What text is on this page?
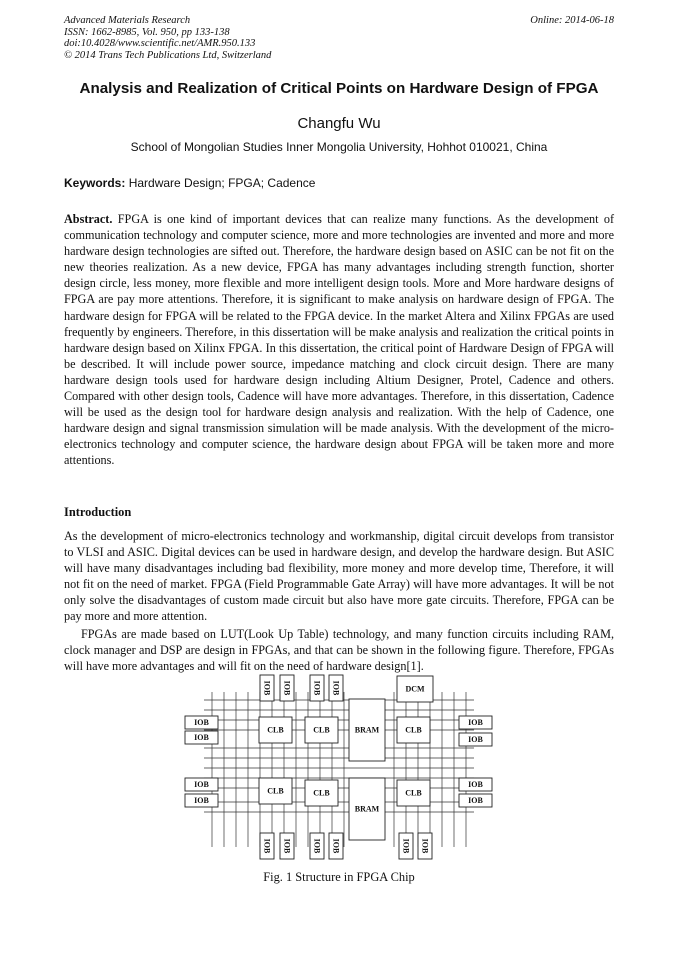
Advanced Materials Research
ISSN: 1662-8985, Vol. 950, pp 133-138
doi:10.4028/www.scientific.net/AMR.950.133
© 2014 Trans Tech Publications Ltd, Switzerland
Online: 2014-06-18
Analysis and Realization of Critical Points on Hardware Design of FPGA
Changfu Wu
School of Mongolian Studies Inner Mongolia University, Hohhot 010021, China
Keywords: Hardware Design; FPGA; Cadence

Abstract. FPGA is one kind of important devices that can realize many functions. As the development of communication technology and computer science, more and more technologies are invented and more and more hardware design technologies are sifted out. Therefore, the hardware design based on ASIC can be not fit on the new theories realization. As a new device, FPGA has many advantages including strength function, shorter design circle, less money, more flexible and more intelligent design tools. More and More hardware designs of FPGA are pay more attentions. Therefore, it is significant to make analysis on hardware design of FPGA. The hardware design for FPGA will be related to the FPGA device. In the market Altera and Xilinx FPGAs are used frequently by engineers. Therefore, in this dissertation will be make analysis and realization the critical points in hardware design based on Xilinx FPGA. In this dissertation, the critical point of Hardware Design of FPGA will be described. It will include power source, impedance matching and clock circuit design. There are many hardware design tools used for hardware design including Altium Designer, Protel, Cadence and others. Compared with other design tools, Cadence will have more advantages. Therefore, in this dissertation, Cadence will be used as the design tool for hardware design analysis and realization. With the help of Cadence, one hardware design and signal transmission simulation will be made analysis. With the development of the micro-electronics technology and computer science, the hardware design about FPGA will be taken more and more attentions.

Introduction

As the development of micro-electronics technology and workmanship, digital circuit develops from transistor to VLSI and ASIC. Digital devices can be used in hardware design, and develop the hardware design. But ASIC will have many disadvantages including bad flexibility, more money and more develop time, Therefore, it will not fit on the need of market. FPGA (Field Programmable Gate Array) will have more advantages. It will be not only solve the disadvantages of custom made circuit but also have more gate circuits. Therefore, FPGA can be pay more and more attention.

FPGAs are made based on LUT(Look Up Table) technology, and many function circuits including RAM, clock manager and DSP are design in FPGAs, and that can be shown in the following figure. Therefore, FPGAs will have more advantages and will fit on the need of hardware design[1].

IOB
IOB
IOB
IOB
IOB
IOB
IOB
IOB
IOB IOB	IOB IOB
IOB IOB	IOB IOB	IOB IOB
CLB	CLB	CLB
CLB	CLB	CLB
BRAM
BRAM
DCM
Fig. 1 Structure in FPGA Chip
